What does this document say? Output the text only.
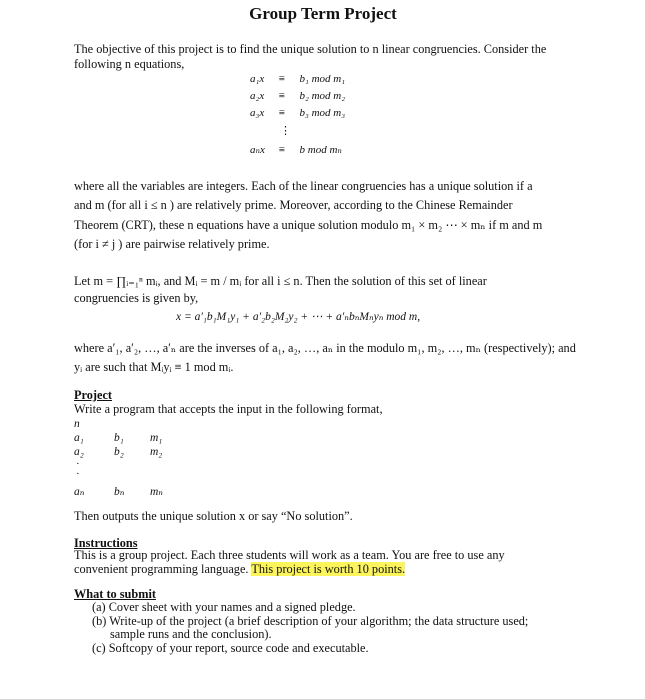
Group Term Project
The objective of this project is to find the unique solution to n linear congruencies. Consider the
following n equations,
a₁x ≡ b₁ mod m₁
a₂x ≡ b₂ mod m₂
a₃x ≡ b₃ mod m₃
⋮
aₙx ≡ b mod mₙ
where all the variables are integers. Each of the linear congruencies has a unique solution if a
and m (for all i ≤ n ) are relatively prime. Moreover, according to the Chinese Remainder
Theorem (CRT), these n equations have a unique solution modulo m₁ × m₂ ⋯ × mₙ if m and m
(for i ≠ j ) are pairwise relatively prime.
Let m = ∏ᵢ₌₁ⁿ mᵢ, and Mᵢ = m / mᵢ for all i ≤ n. Then the solution of this set of linear
congruencies is given by,
x = a′₁b₁M₁y₁ + a′₂b₂M₂y₂ + ⋯ + a′ₙbₙMₙyₙ mod m,
where a′₁, a′₂, …, a′ₙ are the inverses of a₁, a₂, …, aₙ in the modulo m₁, m₂, …, mₙ (respectively); and
yᵢ are such that Mᵢyᵢ ≡ 1 mod mᵢ.
Project
Write a program that accepts the input in the following format,
n
a₁	b₁ m₁
a₂	b₂ m₂
·
·
aₙ	bₙ mₙ
Then outputs the unique solution x or say “No solution”.
Instructions
This is a group project. Each three students will work as a team. You are free to use any
convenient programming language. This project is worth 10 points.
What to submit
(a) Cover sheet with your names and a signed pledge.
(b) Write-up of the project (a brief description of your algorithm; the data structure used;
sample runs and the conclusion).
(c) Softcopy of your report, source code and executable.
